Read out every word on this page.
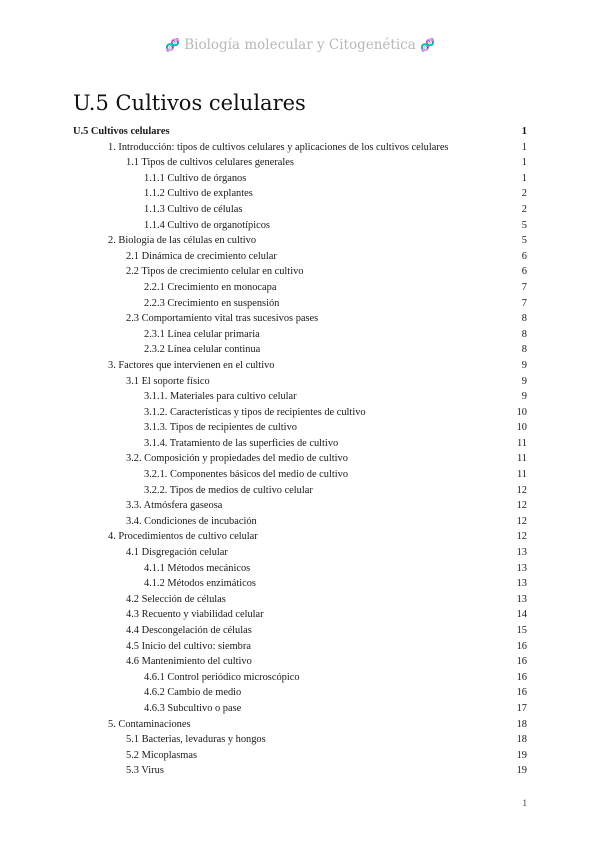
🧬 Biología molecular y Citogenética 🧬
U.5 Cultivos celulares
U.5 Cultivos celulares	1
1. Introducción: tipos de cultivos celulares y aplicaciones de los cultivos celulares	1
1.1 Tipos de cultivos celulares generales	1
1.1.1 Cultivo de órganos	1
1.1.2 Cultivo de explantes	2
1.1.3 Cultivo de células	2
1.1.4 Cultivo de organotípicos	5
2. Biología de las células en cultivo	5
2.1 Dinámica de crecimiento celular	6
2.2 Tipos de crecimiento celular en cultivo	6
2.2.1 Crecimiento en monocapa	7
2.2.3 Crecimiento en suspensión	7
2.3 Comportamiento vital tras sucesivos pases	8
2.3.1 Línea celular primaria	8
2.3.2 Línea celular continua	8
3. Factores que intervienen en el cultivo	9
3.1 El soporte físico	9
3.1.1. Materiales para cultivo celular	9
3.1.2. Características y tipos de recipientes de cultivo	10
3.1.3. Tipos de recipientes de cultivo	10
3.1.4. Tratamiento de las superficies de cultivo	11
3.2. Composición y propiedades del medio de cultivo	11
3.2.1. Componentes básicos del medio de cultivo	11
3.2.2. Tipos de medios de cultivo celular	12
3.3. Atmósfera gaseosa	12
3.4. Condiciones de incubación	12
4. Procedimientos de cultivo celular	12
4.1 Disgregación celular	13
4.1.1 Métodos mecánicos	13
4.1.2 Métodos enzimáticos	13
4.2 Selección de células	13
4.3 Recuento y viabilidad celular	14
4.4 Descongelación de células	15
4.5 Inicio del cultivo: siembra	16
4.6 Mantenimiento del cultivo	16
4.6.1 Control periódico microscópico	16
4.6.2 Cambio de medio	16
4.6.3 Subcultivo o pase	17
5. Contaminaciones	18
5.1 Bacterias, levaduras y hongos	18
5.2 Micoplasmas	19
5.3 Virus	19
1
